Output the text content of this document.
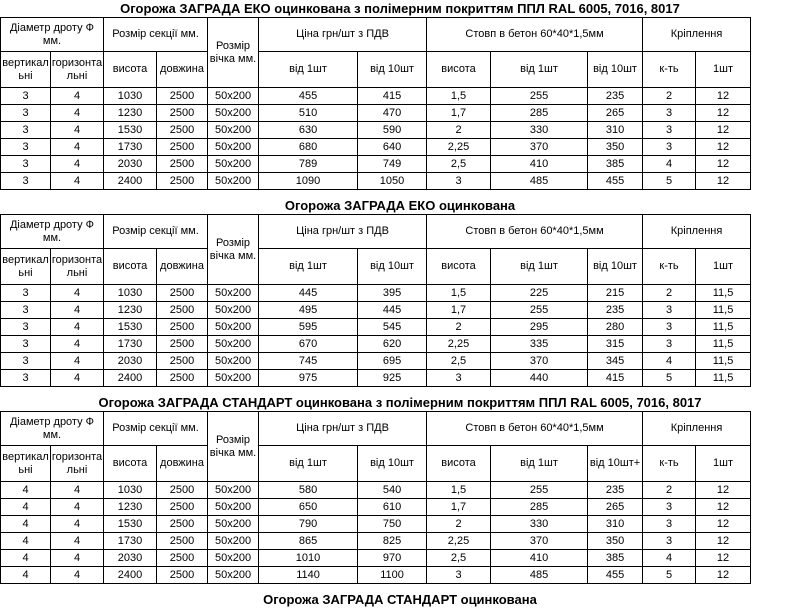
Огорожа ЗАГРАДА ЕКО оцинкована з полімерним покриттям ППЛ RAL 6005, 7016, 8017
Діаметр дроту Ф мм.		Розмір секції мм.		Розмір вічка мм.	Ціна грн/шт з ПДВ		Стовп в бетон 60*40*1,5мм			Кріплення	
вертикальні	горизонтальні	висота	довжина		від 1шт	від 10шт	висота	від 1шт	від 10шт	к-ть	1шт
3	4	1030	2500	50x200	455	415	1,5	255	235	2	12
3	4	1230	2500	50x200	510	470	1,7	285	265	3	12
3	4	1530	2500	50x200	630	590	2	330	310	3	12
3	4	1730	2500	50x200	680	640	2,25	370	350	3	12
3	4	2030	2500	50x200	789	749	2,5	410	385	4	12
3	4	2400	2500	50x200	1090	1050	3	485	455	5	12
Огорожа ЗАГРАДА ЕКО оцинкована
Діаметр дроту Ф мм.		Розмір секції мм.		Розмір вічка мм.	Ціна грн/шт з ПДВ		Стовп в бетон 60*40*1,5мм			Кріплення	
вертикальні	горизонтальні	висота	довжина		від 1шт	від 10шт	висота	від 1шт	від 10шт	к-ть	1шт
3	4	1030	2500	50x200	445	395	1,5	225	215	2	11,5
3	4	1230	2500	50x200	495	445	1,7	255	235	3	11,5
3	4	1530	2500	50x200	595	545	2	295	280	3	11,5
3	4	1730	2500	50x200	670	620	2,25	335	315	3	11,5
3	4	2030	2500	50x200	745	695	2,5	370	345	4	11,5
3	4	2400	2500	50x200	975	925	3	440	415	5	11,5
Огорожа ЗАГРАДА СТАНДАРТ оцинкована з полімерним покриттям ППЛ RAL 6005, 7016, 8017
Діаметр дроту Ф мм.		Розмір секції мм.		Розмір вічка мм.	Ціна грн/шт з ПДВ		Стовп в бетон 60*40*1,5мм			Кріплення	
вертикальні	горизонтальні	висота	довжина		від 1шт	від 10шт	висота	від 1шт	від 10шт+	к-ть	1шт
4	4	1030	2500	50x200	580	540	1,5	255	235	2	12
4	4	1230	2500	50x200	650	610	1,7	285	265	3	12
4	4	1530	2500	50x200	790	750	2	330	310	3	12
4	4	1730	2500	50x200	865	825	2,25	370	350	3	12
4	4	2030	2500	50x200	1010	970	2,5	410	385	4	12
4	4	2400	2500	50x200	1140	1100	3	485	455	5	12
Огорожа ЗАГРАДА СТАНДАРТ оцинкована
